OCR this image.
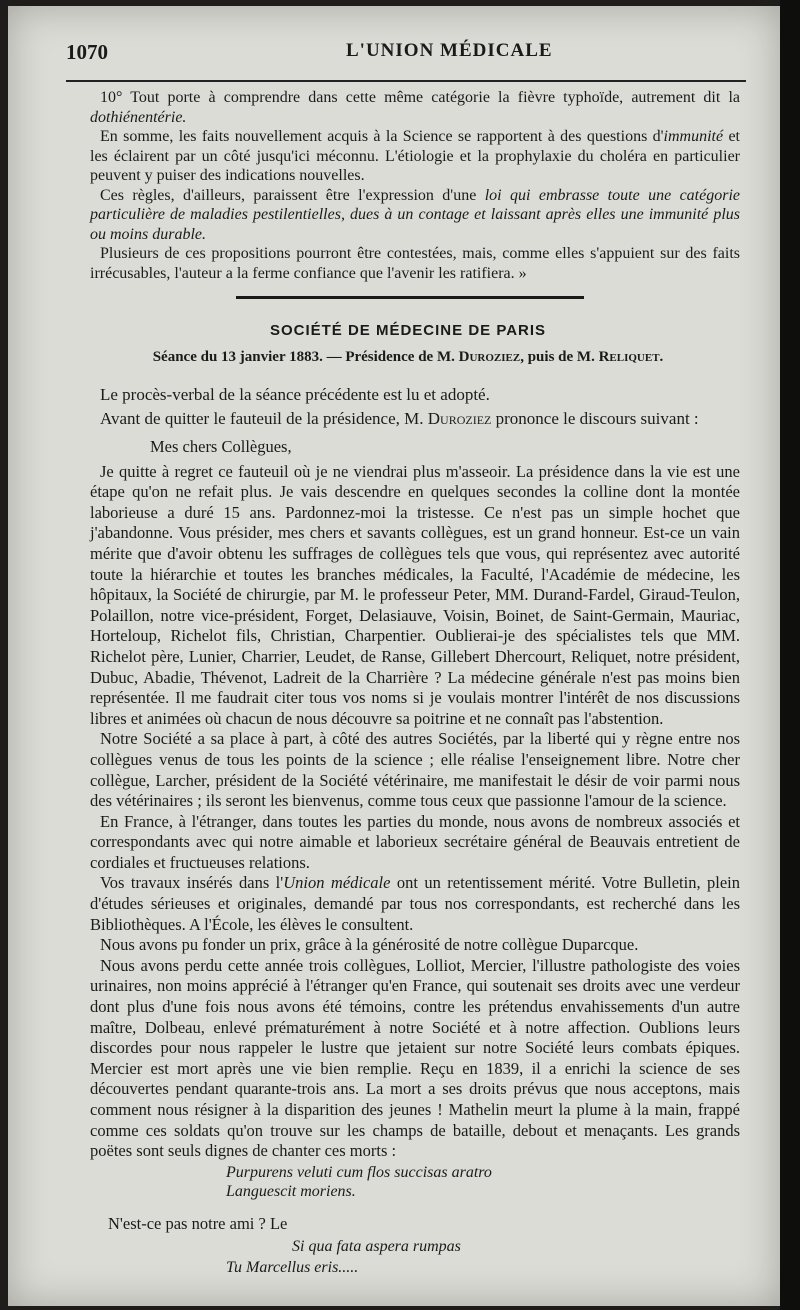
1070	L'UNION MÉDICALE

10° Tout porte à comprendre dans cette même catégorie la fièvre typhoïde, autrement dit la dothiénentérie.

En somme, les faits nouvellement acquis à la Science se rapportent à des questions d'immunité et les éclairent par un côté jusqu'ici méconnu. L'étiologie et la prophylaxie du choléra en particulier peuvent y puiser des indications nouvelles.

Ces règles, d'ailleurs, paraissent être l'expression d'une loi qui embrasse toute une catégorie particulière de maladies pestilentielles, dues à un contage et laissant après elles une immunité plus ou moins durable.

Plusieurs de ces propositions pourront être contestées, mais, comme elles s'appuient sur des faits irrécusables, l'auteur a la ferme confiance que l'avenir les ratifiera. »

SOCIÉTÉ DE MÉDECINE DE PARIS
Séance du 13 janvier 1883. — Présidence de M. Duroziez, puis de M. Reliquet.

Le procès-verbal de la séance précédente est lu et adopté.

Avant de quitter le fauteuil de la présidence, M. Duroziez prononce le discours suivant :

Mes chers Collègues,

Je quitte à regret ce fauteuil où je ne viendrai plus m'asseoir. La présidence dans la vie est une étape qu'on ne refait plus. Je vais descendre en quelques secondes la colline dont la montée laborieuse a duré 15 ans. Pardonnez-moi la tristesse. Ce n'est pas un simple hochet que j'abandonne. Vous présider, mes chers et savants collègues, est un grand honneur. Est-ce un vain mérite que d'avoir obtenu les suffrages de collègues tels que vous, qui représentez avec autorité toute la hiérarchie et toutes les branches médicales, la Faculté, l'Académie de médecine, les hôpitaux, la Société de chirurgie, par M. le professeur Peter, MM. Durand-Fardel, Giraud-Teulon, Polaillon, notre vice-président, Forget, Delasiauve, Voisin, Boinet, de Saint-Germain, Mauriac, Horteloup, Richelot fils, Christian, Charpentier. Oublierai-je des spécialistes tels que MM. Richelot père, Lunier, Charrier, Leudet, de Ranse, Gillebert Dhercourt, Reliquet, notre président, Dubuc, Abadie, Thévenot, Ladreit de la Charrière ? La médecine générale n'est pas moins bien représentée. Il me faudrait citer tous vos noms si je voulais montrer l'intérêt de nos discussions libres et animées où chacun de nous découvre sa poitrine et ne connaît pas l'abstention.

Notre Société a sa place à part, à côté des autres Sociétés, par la liberté qui y règne entre nos collègues venus de tous les points de la science ; elle réalise l'enseignement libre. Notre cher collègue, Larcher, président de la Société vétérinaire, me manifestait le désir de voir parmi nous des vétérinaires ; ils seront les bienvenus, comme tous ceux que passionne l'amour de la science.

En France, à l'étranger, dans toutes les parties du monde, nous avons de nombreux associés et correspondants avec qui notre aimable et laborieux secrétaire général de Beauvais entretient de cordiales et fructueuses relations.

Vos travaux insérés dans l'Union médicale ont un retentissement mérité. Votre Bulletin, plein d'études sérieuses et originales, demandé par tous nos correspondants, est recherché dans les Bibliothèques. A l'École, les élèves le consultent.

Nous avons pu fonder un prix, grâce à la générosité de notre collègue Duparcque.

Nous avons perdu cette année trois collègues, Lolliot, Mercier, l'illustre pathologiste des voies urinaires, non moins apprécié à l'étranger qu'en France, qui soutenait ses droits avec une verdeur dont plus d'une fois nous avons été témoins, contre les prétendus envahissements d'un autre maître, Dolbeau, enlevé prématurément à notre Société et à notre affection. Oublions leurs discordes pour nous rappeler le lustre que jetaient sur notre Société leurs combats épiques. Mercier est mort après une vie bien remplie. Reçu en 1839, il a enrichi la science de ses découvertes pendant quarante-trois ans. La mort a ses droits prévus que nous acceptons, mais comment nous résigner à la disparition des jeunes ! Mathelin meurt la plume à la main, frappé comme ces soldats qu'on trouve sur les champs de bataille, debout et menaçants. Les grands poëtes sont seuls dignes de chanter ces morts :

Purpurens veluti cum flos succisas aratro
Languescit moriens.
N'est-ce pas notre ami ? Le
Si qua fata aspera rumpas
Tu Marcellus eris.....
